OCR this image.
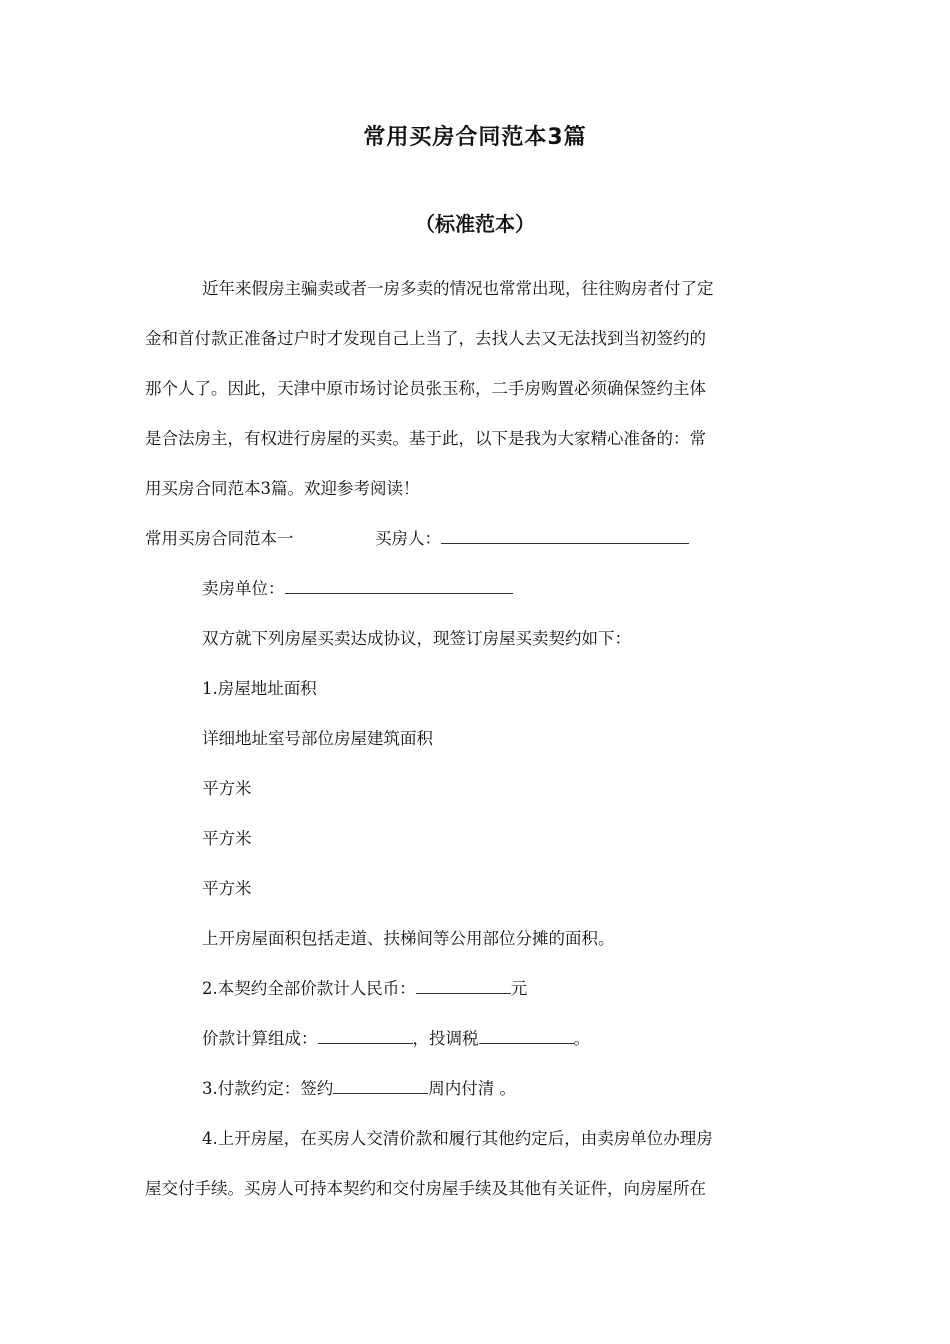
常用买房合同范本3篇
（标准范本）
近年来假房主骗卖或者一房多卖的情况也常常出现，往往购房者付了定
金和首付款正准备过户时才发现自己上当了，去找人去又无法找到当初签约的
那个人了。因此，天津中原市场讨论员张玉称，二手房购置必须确保签约主体
是合法房主，有权进行房屋的买卖。基于此，以下是我为大家精心准备的：常
用买房合同范本3篇。欢迎参考阅读！
常用买房合同范本一	买房人：
卖房单位：
双方就下列房屋买卖达成协议，现签订房屋买卖契约如下：
1.房屋地址面积
详细地址室号部位房屋建筑面积
平方米
平方米
平方米
上开房屋面积包括走道、扶梯间等公用部位分摊的面积。
2.本契约全部价款计人民币：	元
价款计算组成：	，投调税	。
3.付款约定：签约	周内付清 。
4.上开房屋，在买房人交清价款和履行其他约定后，由卖房单位办理房
屋交付手续。买房人可持本契约和交付房屋手续及其他有关证件，向房屋所在
